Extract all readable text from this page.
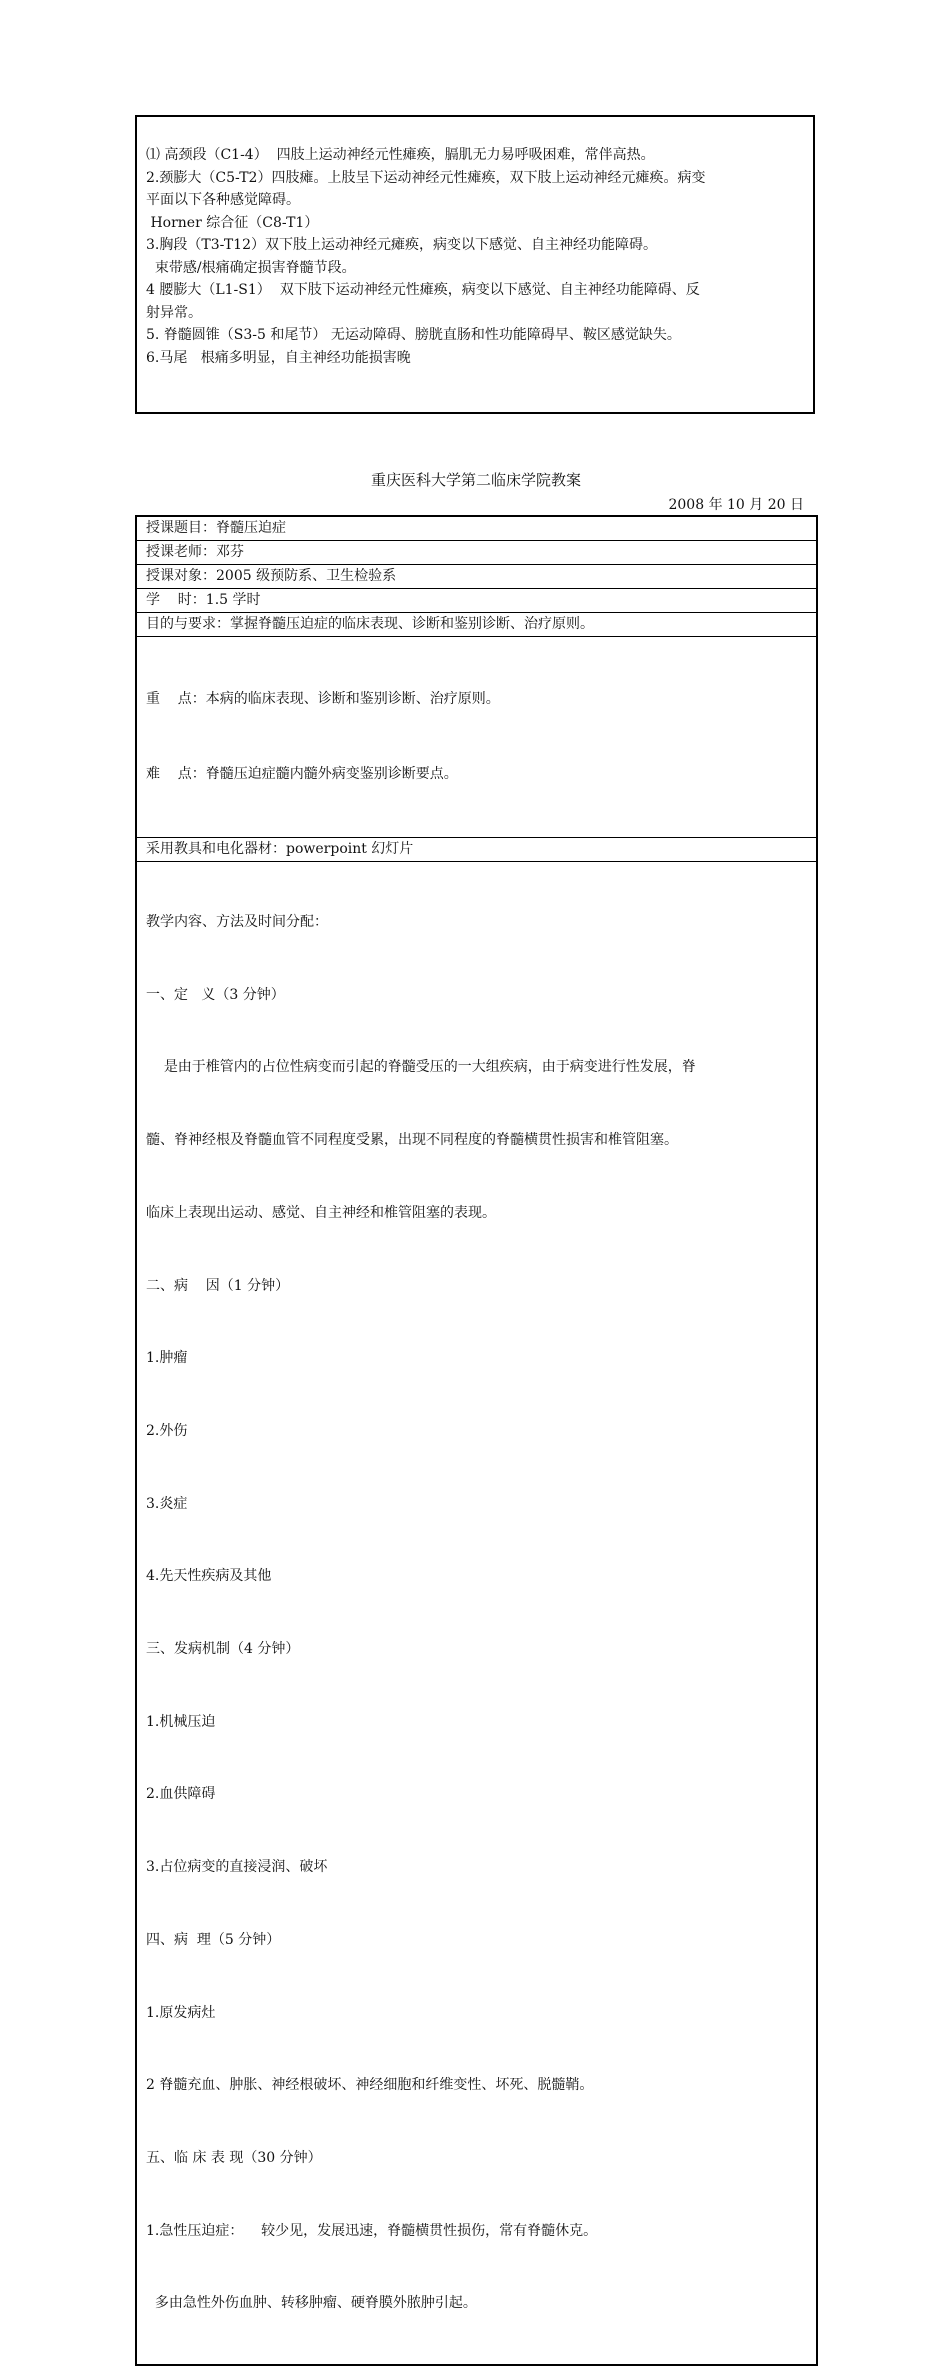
⑴ 高颈段（C1-4）  四肢上运动神经元性瘫痪，膈肌无力易呼吸困难，常伴高热。

2.颈膨大（C5-T2）四肢瘫。上肢呈下运动神经元性瘫痪，双下肢上运动神经元瘫痪。病变

平面以下各种感觉障碍。

Horner 综合征（C8-T1）

3.胸段（T3-T12）双下肢上运动神经元瘫痪，病变以下感觉、自主神经功能障碍。

束带感/根痛确定损害脊髓节段。

4 腰膨大（L1-S1）  双下肢下运动神经元性瘫痪，病变以下感觉、自主神经功能障碍、反

射异常。

5. 脊髓圆锥（S3-5 和尾节） 无运动障碍、膀胱直肠和性功能障碍早、鞍区感觉缺失。

6.马尾   根痛多明显，自主神经功能损害晚

重庆医科大学第二临床学院教案

2008 年 10 月 20 日

授课题目：脊髓压迫症
授课老师：邓芬
授课对象：2005 级预防系、卫生检验系
学    时：1.5 学时
目的与要求：掌握脊髓压迫症的临床表现、诊断和鉴别诊断、治疗原则。

重    点：本病的临床表现、诊断和鉴别诊断、治疗原则。

难    点：脊髓压迫症髓内髓外病变鉴别诊断要点。

采用教具和电化器材：powerpoint 幻灯片

教学内容、方法及时间分配：

一、定   义（3 分钟）

是由于椎管内的占位性病变而引起的脊髓受压的一大组疾病，由于病变进行性发展，脊

髓、脊神经根及脊髓血管不同程度受累，出现不同程度的脊髓横贯性损害和椎管阻塞。

临床上表现出运动、感觉、自主神经和椎管阻塞的表现。

二、病    因（1 分钟）

1.肿瘤

2.外伤

3.炎症

4.先天性疾病及其他

三、发病机制（4 分钟）

1.机械压迫

2.血供障碍

3.占位病变的直接浸润、破坏

四、病  理（5 分钟）

1.原发病灶

2 脊髓充血、肿胀、神经根破坏、神经细胞和纤维变性、坏死、脱髓鞘。

五、临 床 表 现（30 分钟）

1.急性压迫症：    较少见，发展迅速，脊髓横贯性损伤，常有脊髓休克。

多由急性外伤血肿、转移肿瘤、硬脊膜外脓肿引起。
